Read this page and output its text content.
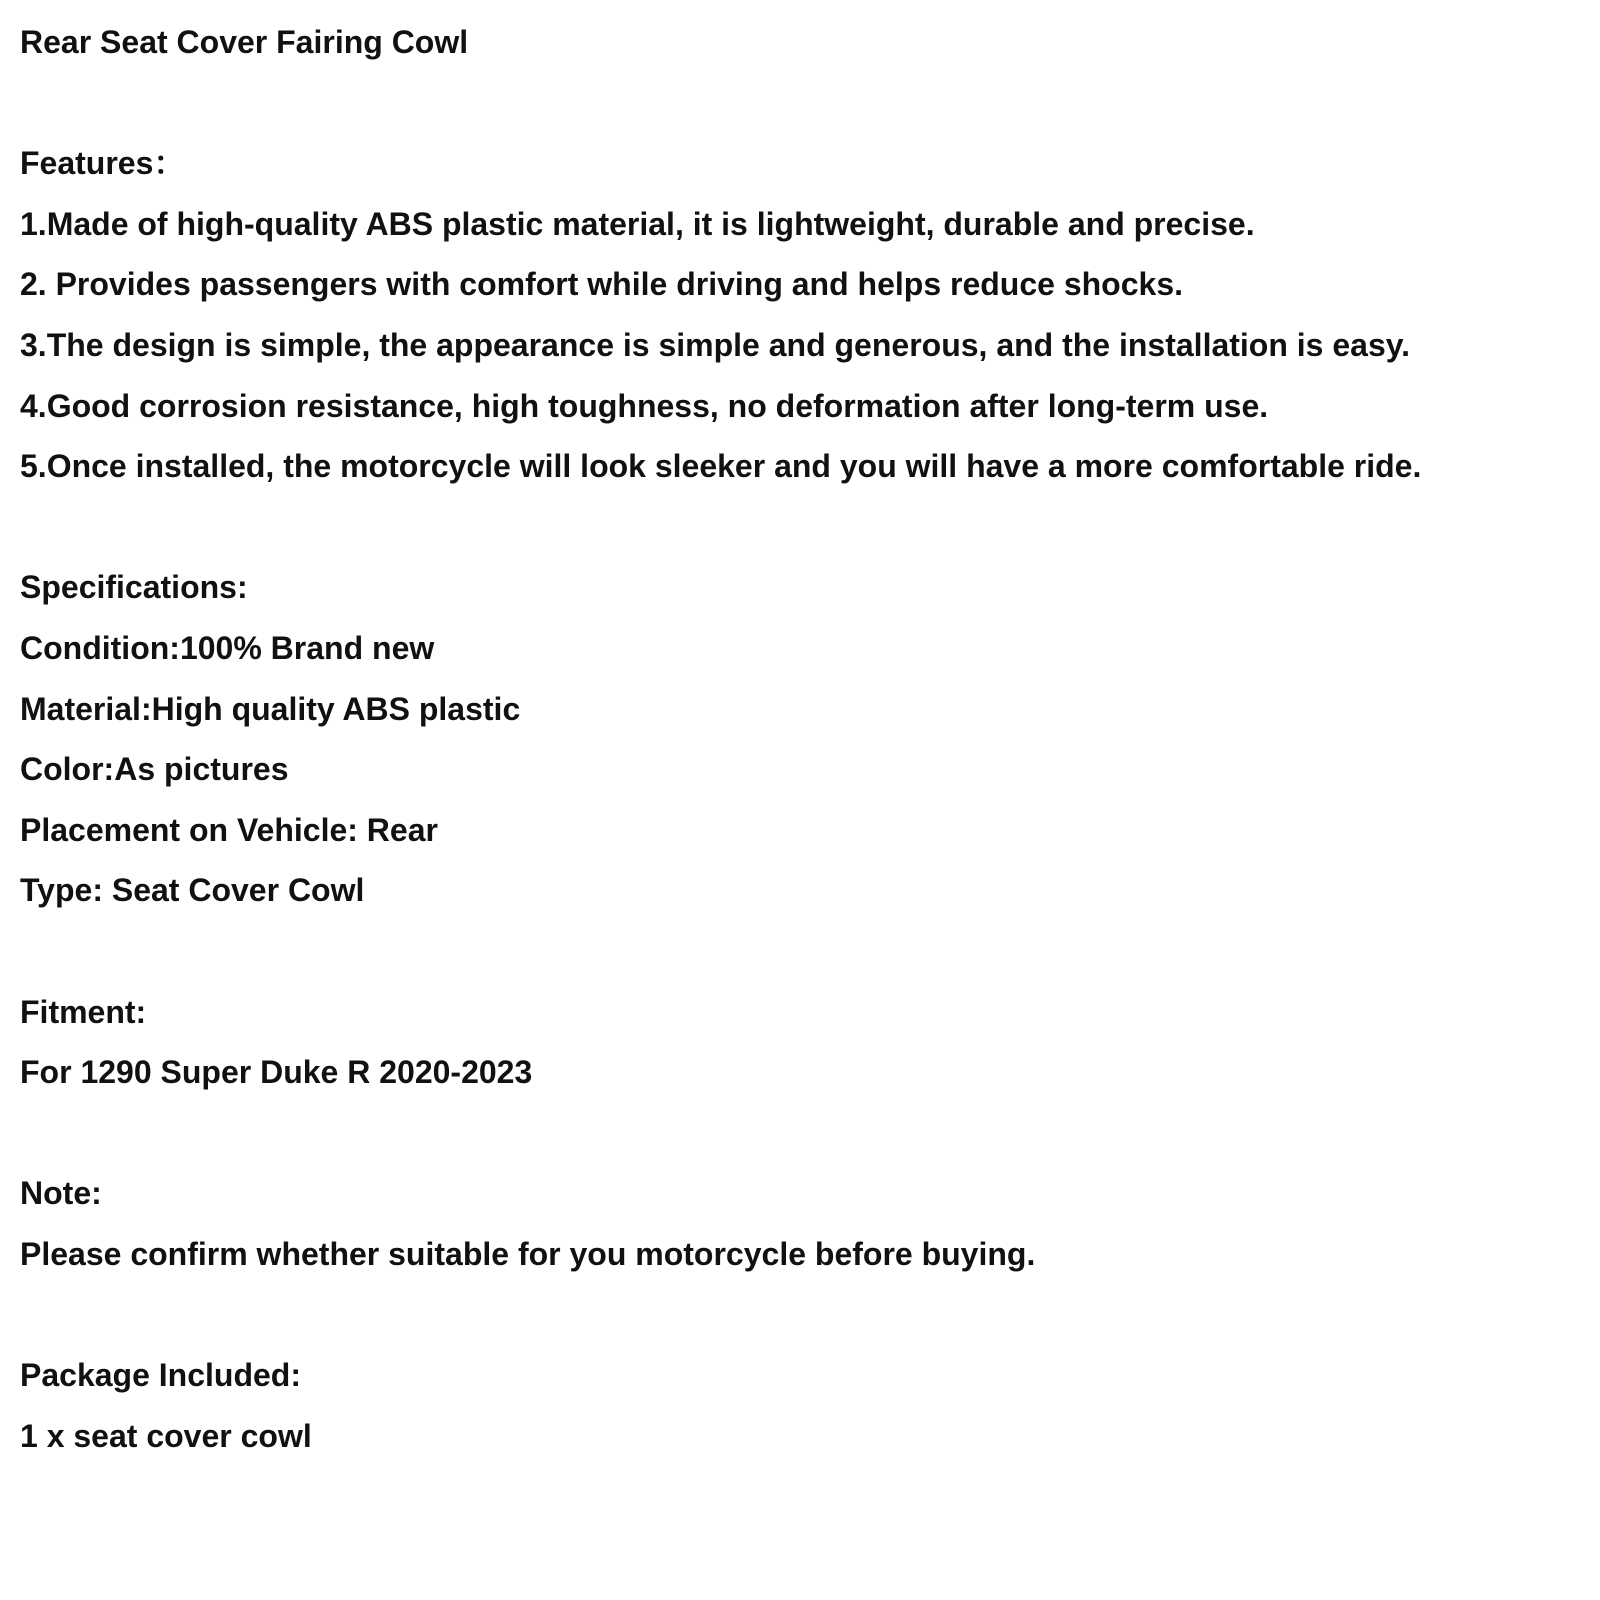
Rear Seat Cover Fairing Cowl

Features：

1.Made of high-quality ABS plastic material, it is lightweight, durable and precise.

2. Provides passengers with comfort while driving and helps reduce shocks.

3.The design is simple, the appearance is simple and generous, and the installation is easy.

4.Good corrosion resistance, high toughness, no deformation after long-term use.

5.Once installed, the motorcycle will look sleeker and you will have a more comfortable ride.

Specifications:

Condition:100% Brand new

Material:High quality ABS plastic

Color:As pictures

Placement on Vehicle: Rear

Type: Seat Cover Cowl

Fitment:

For 1290 Super Duke R 2020-2023

Note:

Please confirm whether suitable for you motorcycle before buying.

Package Included:

1 x seat cover cowl
